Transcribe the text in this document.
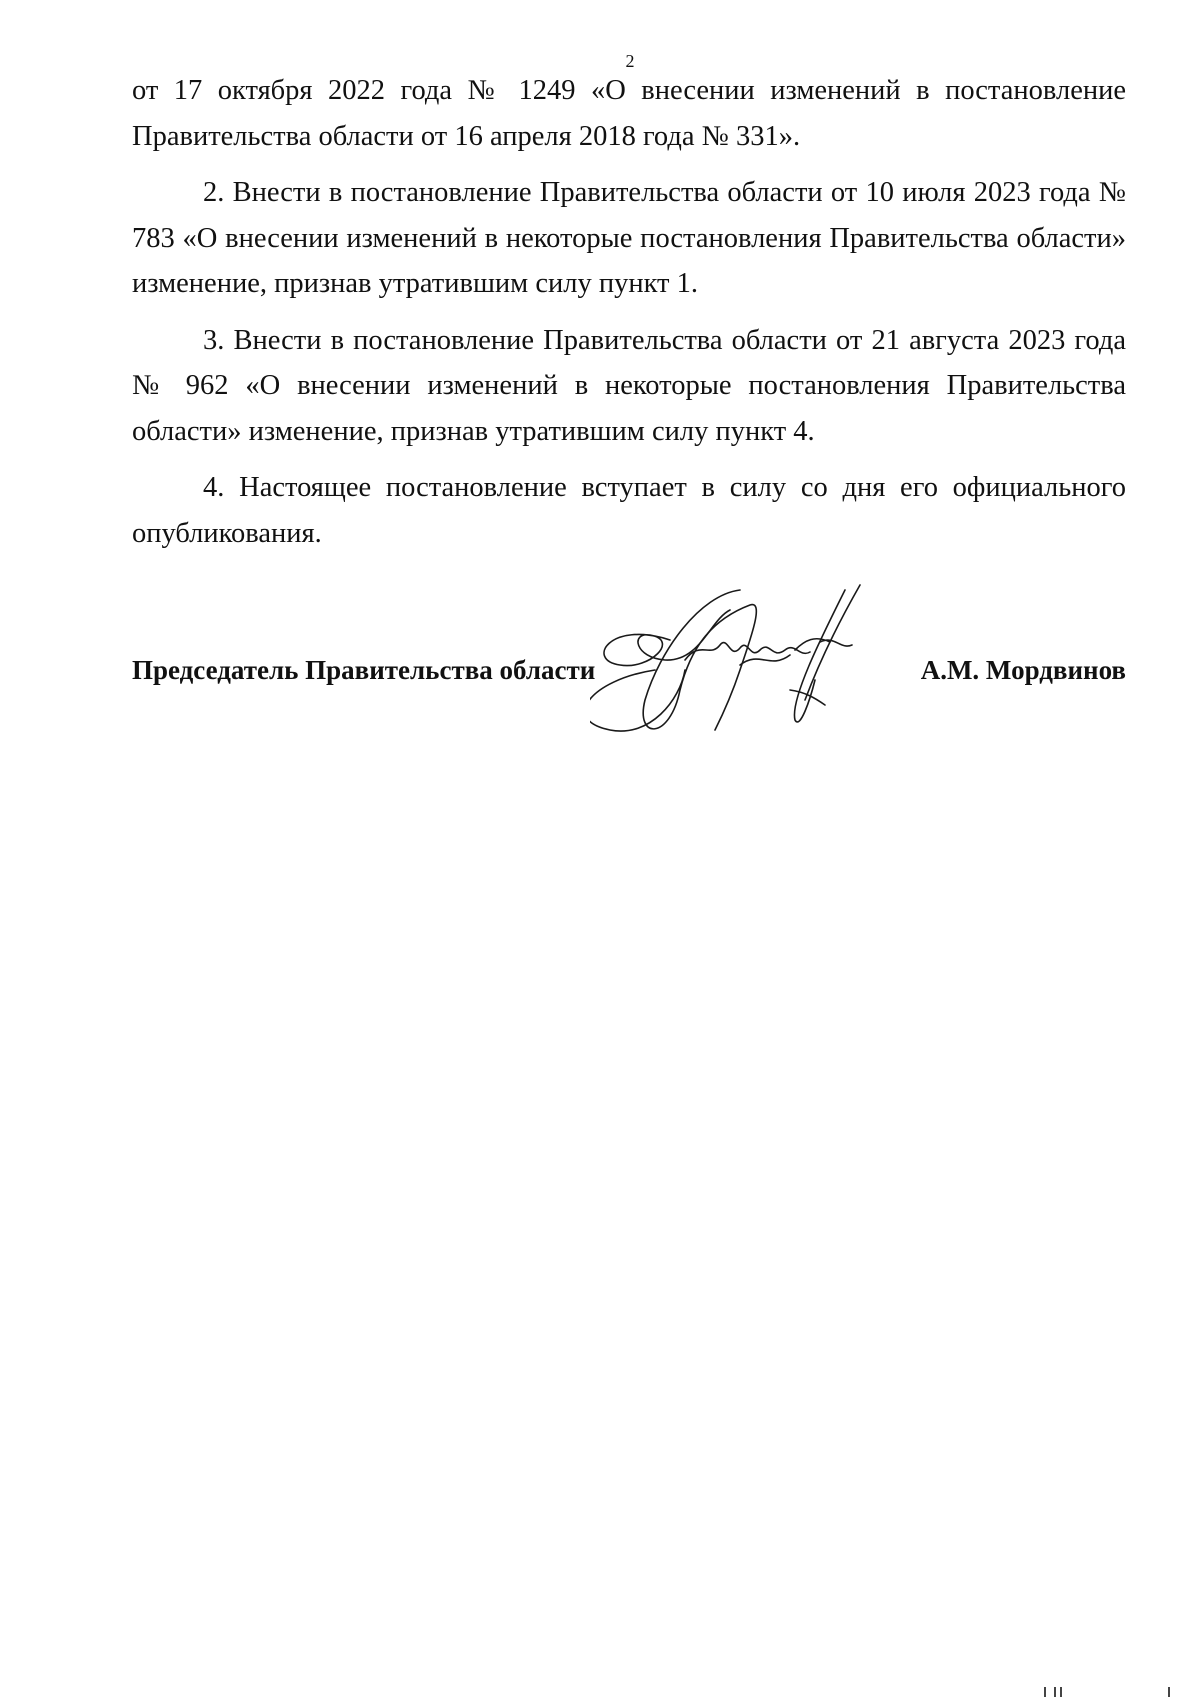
2

от 17 октября 2022 года № 1249 «О внесении изменений в постановление Правительства области от 16 апреля 2018 года № 331».

2. Внести в постановление Правительства области от 10 июля 2023 года № 783 «О внесении изменений в некоторые постановления Правительства области» изменение, признав утратившим силу пункт 1.

3. Внести в постановление Правительства области от 21 августа 2023 года № 962 «О внесении изменений в некоторые постановления Правительства области» изменение, признав утратившим силу пункт 4.

4. Настоящее постановление вступает в силу со дня его официального опубликования.

Председатель Правительства области	А.М. Мордвинов
